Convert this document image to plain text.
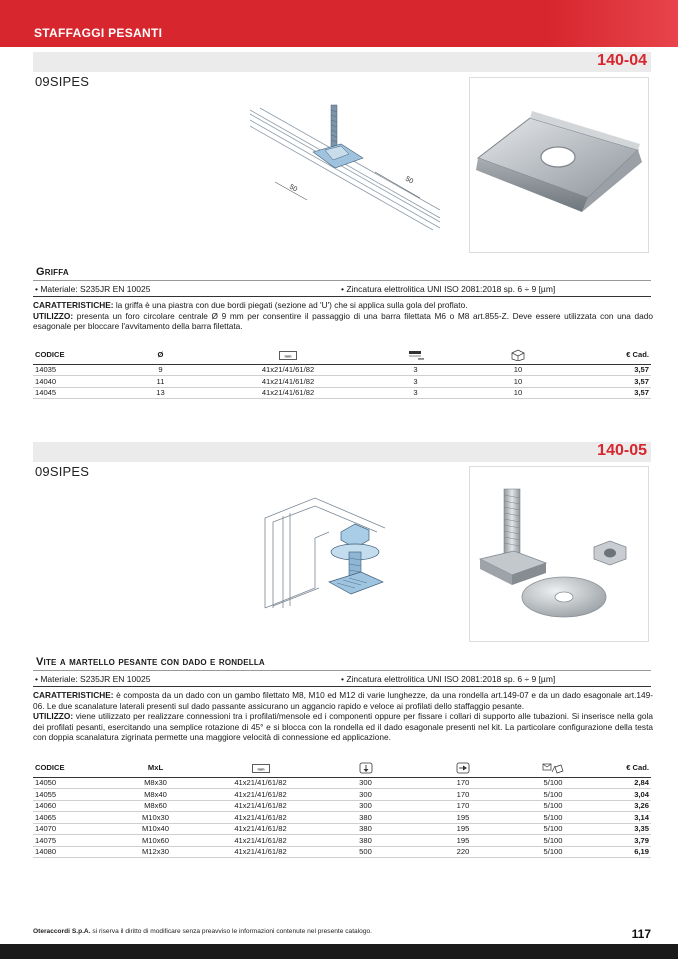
STAFFAGGI PESANTI
140-04
09SIPES
50
50
Griffa
• Materiale: S235JR EN 10025	• Zincatura elettrolitica UNI ISO 2081:2018 sp. 6 ÷ 9 [µm]
CARATTERISTICHE: la griffa è una piastra con due bordi piegati (sezione ad 'U') che si applica sulla gola del proflato.
UTILIZZO: presenta un foro circolare centrale Ø 9 mm per consentire il passaggio di una barra filettata M6 o M8 art.855-Z. Deve essere utilizzata con una dado esagonale per bloccare l'avvitamento della barra filettata.
CODICE	Ø	mm	mm		€ Cad.
14035	9	41x21/41/61/82	3	10	3,57
14040	11	41x21/41/61/82	3	10	3,57
14045	13	41x21/41/61/82	3	10	3,57
140-05
09SIPES
Vite a martello pesante con dado e rondella
• Materiale: S235JR EN 10025	• Zincatura elettrolitica UNI ISO 2081:2018 sp. 6 ÷ 9 [µm]
CARATTERISTICHE: è composta da un dado con un gambo filettato M8, M10 ed M12 di varie lunghezze, da una rondella art.149-07 e da un dado esagonale art.149-06. Le due scanalature laterali presenti sul dado passante assicurano un aggancio rapido e veloce ai profilati dello staffaggio pesante.
UTILIZZO: viene utilizzato per realizzare connessioni tra i profilati/mensole ed i componenti oppure per fissare i collari di supporto alle tubazioni. Si inserisce nella gola dei profilati pesanti, esercitando una semplice rotazione di 45° e si blocca con la rondella ed il dado esagonale presenti nel kit. La particolare configurazione della testa con doppia scanalatura zigrinata permette una maggiore velocità di connessione ed applicazione.
CODICE	MxL	mm				€ Cad.
14050	M8x30	41x21/41/61/82	300	170	5/100	2,84
14055	M8x40	41x21/41/61/82	300	170	5/100	3,04
14060	M8x60	41x21/41/61/82	300	170	5/100	3,26
14065	M10x30	41x21/41/61/82	380	195	5/100	3,14
14070	M10x40	41x21/41/61/82	380	195	5/100	3,35
14075	M10x60	41x21/41/61/82	380	195	5/100	3,79
14080	M12x30	41x21/41/61/82	500	220	5/100	6,19
Oteraccordi S.p.A. si riserva il diritto di modificare senza preavviso le informazioni contenute nel presente catalogo.	117
